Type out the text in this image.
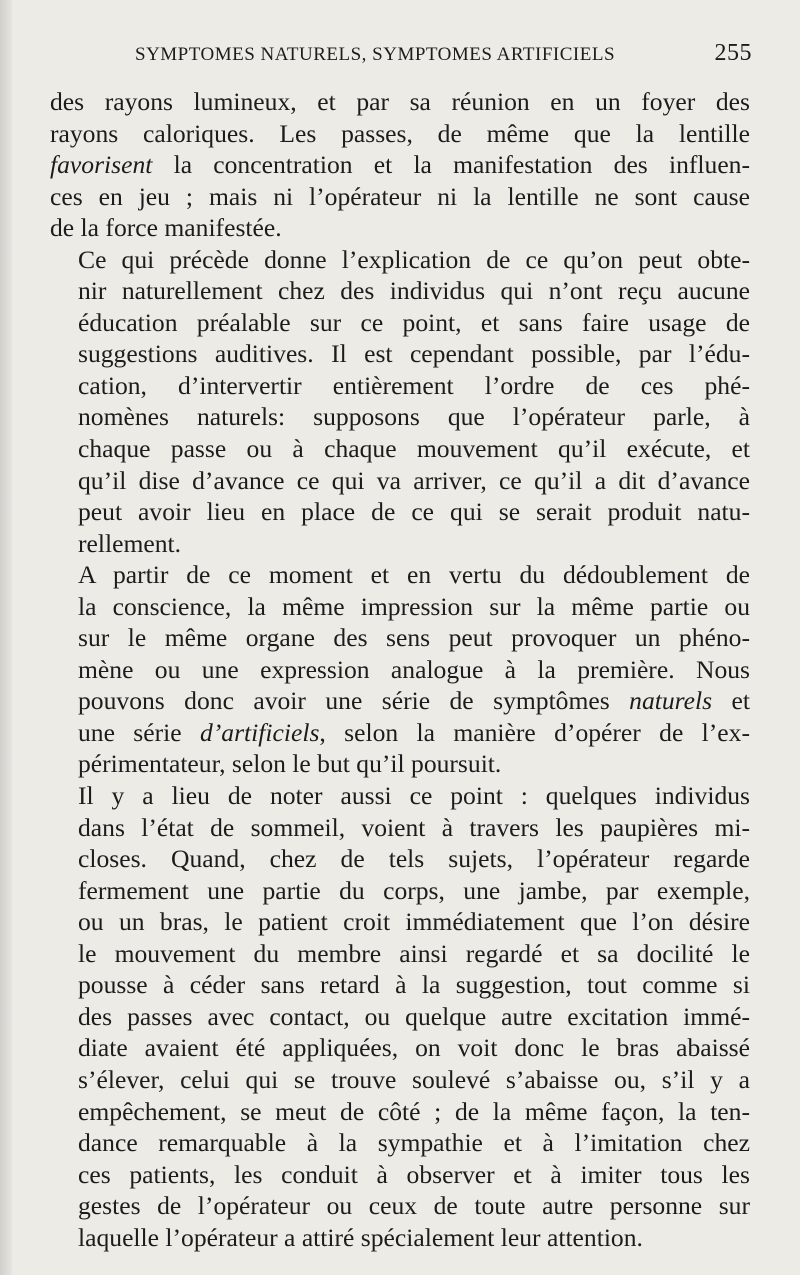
SYMPTOMES NATURELS, SYMPTOMES ARTIFICIELS	255

des rayons lumineux, et par sa réunion en un foyer des
rayons caloriques. Les passes, de même que la lentille
favorisent la concentration et la manifestation des influen-
ces en jeu ; mais ni l’opérateur ni la lentille ne sont cause
de la force manifestée.

Ce qui précède donne l’explication de ce qu’on peut obte-
nir naturellement chez des individus qui n’ont reçu aucune
éducation préalable sur ce point, et sans faire usage de
suggestions auditives. Il est cependant possible, par l’édu-
cation, d’intervertir entièrement l’ordre de ces phé-
nomènes naturels: supposons que l’opérateur parle, à
chaque passe ou à chaque mouvement qu’il exécute, et
qu’il dise d’avance ce qui va arriver, ce qu’il a dit d’avance
peut avoir lieu en place de ce qui se serait produit natu-
rellement.

A partir de ce moment et en vertu du dédoublement de
la conscience, la même impression sur la même partie ou
sur le même organe des sens peut provoquer un phéno-
mène ou une expression analogue à la première. Nous
pouvons donc avoir une série de symptômes naturels et
une série d’artificiels, selon la manière d’opérer de l’ex-
périmentateur, selon le but qu’il poursuit.

Il y a lieu de noter aussi ce point : quelques individus
dans l’état de sommeil, voient à travers les paupières mi-
closes. Quand, chez de tels sujets, l’opérateur regarde
fermement une partie du corps, une jambe, par exemple,
ou un bras, le patient croit immédiatement que l’on désire
le mouvement du membre ainsi regardé et sa docilité le
pousse à céder sans retard à la suggestion, tout comme si
des passes avec contact, ou quelque autre excitation immé-
diate avaient été appliquées, on voit donc le bras abaissé
s’élever, celui qui se trouve soulevé s’abaisse ou, s’il y a
empêchement, se meut de côté ; de la même façon, la ten-
dance remarquable à la sympathie et à l’imitation chez
ces patients, les conduit à observer et à imiter tous les
gestes de l’opérateur ou ceux de toute autre personne sur
laquelle l’opérateur a attiré spécialement leur attention.
